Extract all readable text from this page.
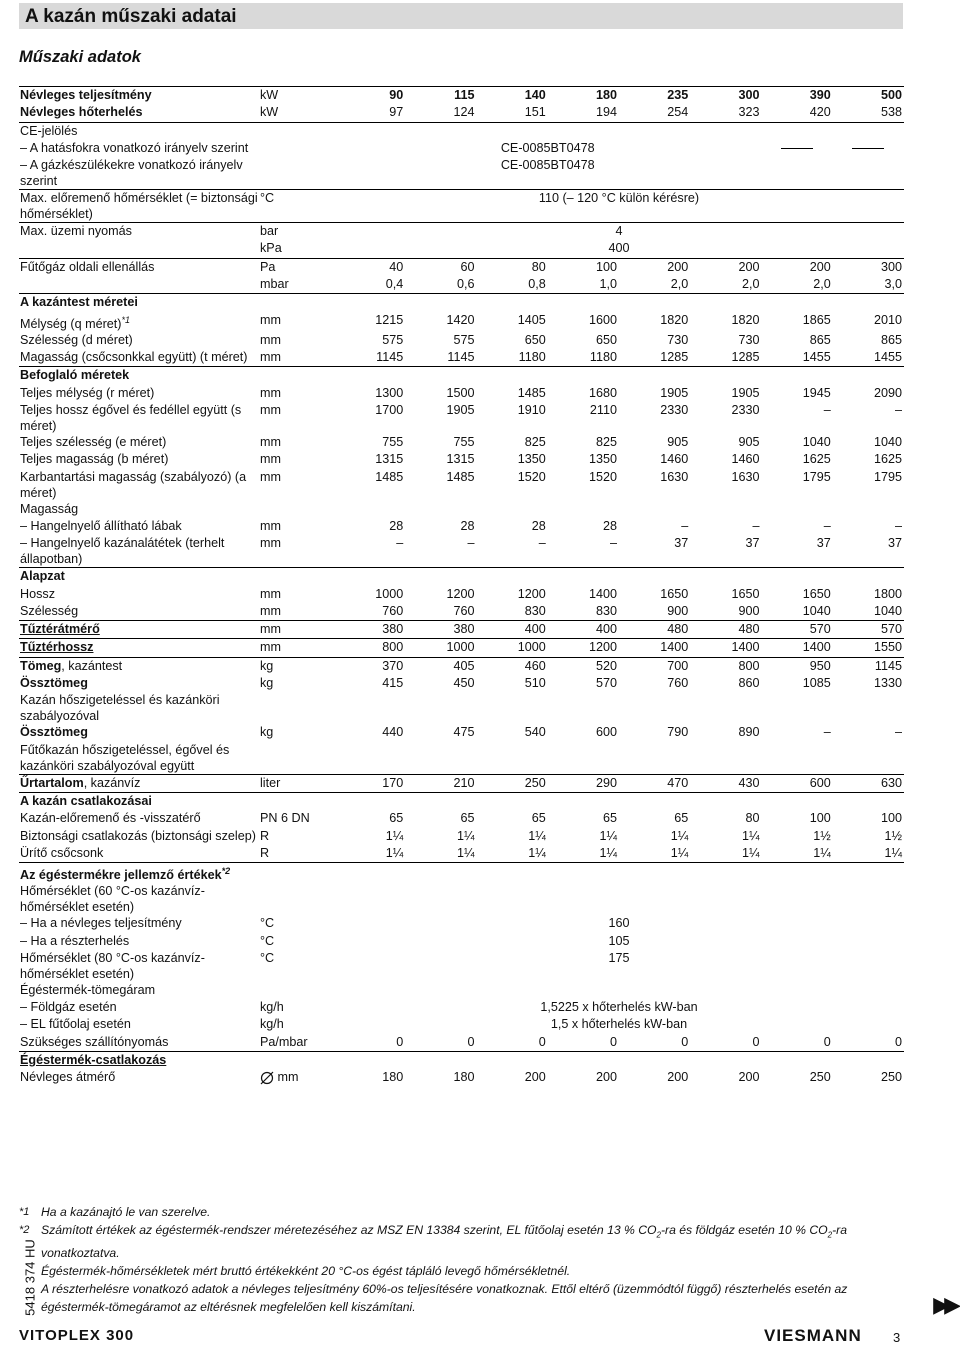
A kazán műszaki adatai
Műszaki adatok
5418 374 HU
Névleges teljesítmény	kW	90	115	140	180	235	300	390	500
Névleges hőterhelés	kW	97	124	151	194	254	323	420	538
CE-jelölés									
– A hatásfokra vonatkozó irányelv szerint		CE-0085BT0478							
– A gázkészülékekre vonatkozó irányelv szerint		CE-0085BT0478							
Max. előremenő hőmérséklet (= biztonsági hőmérséklet)	°C	110 (– 120 °C külön kérésre)							
Max. üzemi nyomás	bar	4							
	kPa	400							
Fűtőgáz oldali ellenállás	Pa	40	60	80	100	200	200	200	300
	mbar	0,4	0,6	0,8	1,0	2,0	2,0	2,0	3,0
A kazántest méretei									
Mélység (q méret)$^{*1}$	mm	1215	1420	1405	1600	1820	1820	1865	2010
Szélesség (d méret)	mm	575	575	650	650	730	730	865	865
Magasság (csőcsonkkal együtt) (t méret)	mm	1145	1145	1180	1180	1285	1285	1455	1455
Befoglaló méretek									
Teljes mélység (r méret)	mm	1300	1500	1485	1680	1905	1905	1945	2090
Teljes hossz égővel és fedéllel együtt (s méret)	mm	1700	1905	1910	2110	2330	2330	–	–
Teljes szélesség (e méret)	mm	755	755	825	825	905	905	1040	1040
Teljes magasság (b méret)	mm	1315	1315	1350	1350	1460	1460	1625	1625
Karbantartási magasság (szabályozó) (a méret)	mm	1485	1485	1520	1520	1630	1630	1795	1795
Magasság									
– Hangelnyelő állítható lábak	mm	28	28	28	28	–	–	–	–
– Hangelnyelő kazánalátétek (terhelt állapotban)	mm	–	–	–	–	37	37	37	37
Alapzat									
Hossz	mm	1000	1200	1200	1400	1650	1650	1650	1800
Szélesség	mm	760	760	830	830	900	900	1040	1040
Tűztérátmérő	mm	380	380	400	400	480	480	570	570
Tűztérhossz	mm	800	1000	1000	1200	1400	1400	1400	1550
Tömeg, kazántest	kg	370	405	460	520	700	800	950	1145
Össztömeg	kg	415	450	510	570	760	860	1085	1330
Kazán hőszigeteléssel és kazánköri szabályozóval									
Össztömeg	kg	440	475	540	600	790	890	–	–
Fűtőkazán hőszigeteléssel, égővel és kazánköri szabályozóval együtt									
Űrtartalom, kazánvíz	liter	170	210	250	290	470	430	600	630
A kazán csatlakozásai									
Kazán-előremenő és -visszatérő	PN 6 DN	65	65	65	65	65	80	100	100
Biztonsági csatlakozás (biztonsági szelep)	R	1¼	1¼	1¼	1¼	1¼	1¼	1½	1½
Ürítő csőcsonk	R	1¼	1¼	1¼	1¼	1¼	1¼	1¼	1¼
Az égéstermékre jellemző értékek$^{*2}$		
Hőmérséklet (60 °C-os kazánvíz-hőmérséklet esetén)									
– Ha a névleges teljesítmény	°C	160							
– Ha a részterhelés	°C	105							
Hőmérséklet (80 °C-os kazánvíz-hőmérséklet esetén)	°C	175							
Égéstermék-tömegáram									
– Földgáz esetén	kg/h	1,5225 x hőterhelés kW-ban							
– EL fűtőolaj esetén	kg/h	1,5 x hőterhelés kW-ban							
Szükséges szállítónyomás	Pa/mbar	0	0	0	0	0	0	0	0
Égéstermék-csatlakozás									
Névleges átmérő	mm	180	180	200	200	200	200	250	250
*1 Ha a kazánajtó le van szerelve.
*2 Számított értékek az égéstermék-rendszer méretezéséhez az MSZ EN 13384 szerint, EL fűtőolaj esetén 13 % $CO_2-ra$ és földgáz esetén 10 % $CO_2-ra$ vonatkoztatva.
Égéstermék-hőmérsékletek mért bruttó értékekként 20 °C-os égést tápláló levegő hőmérsékletnél.
A részterhelésre vonatkozó adatok a névleges teljesítmény 60%-os teljesítésére vonatkoznak. Ettől eltérő (üzemmódtól függő) részterhelés esetén az égéstermék-tömegáramot az eltérésnek megfelelően kell kiszámítani.	▶▶
VITOPLEX 300	VIESMANN 3
